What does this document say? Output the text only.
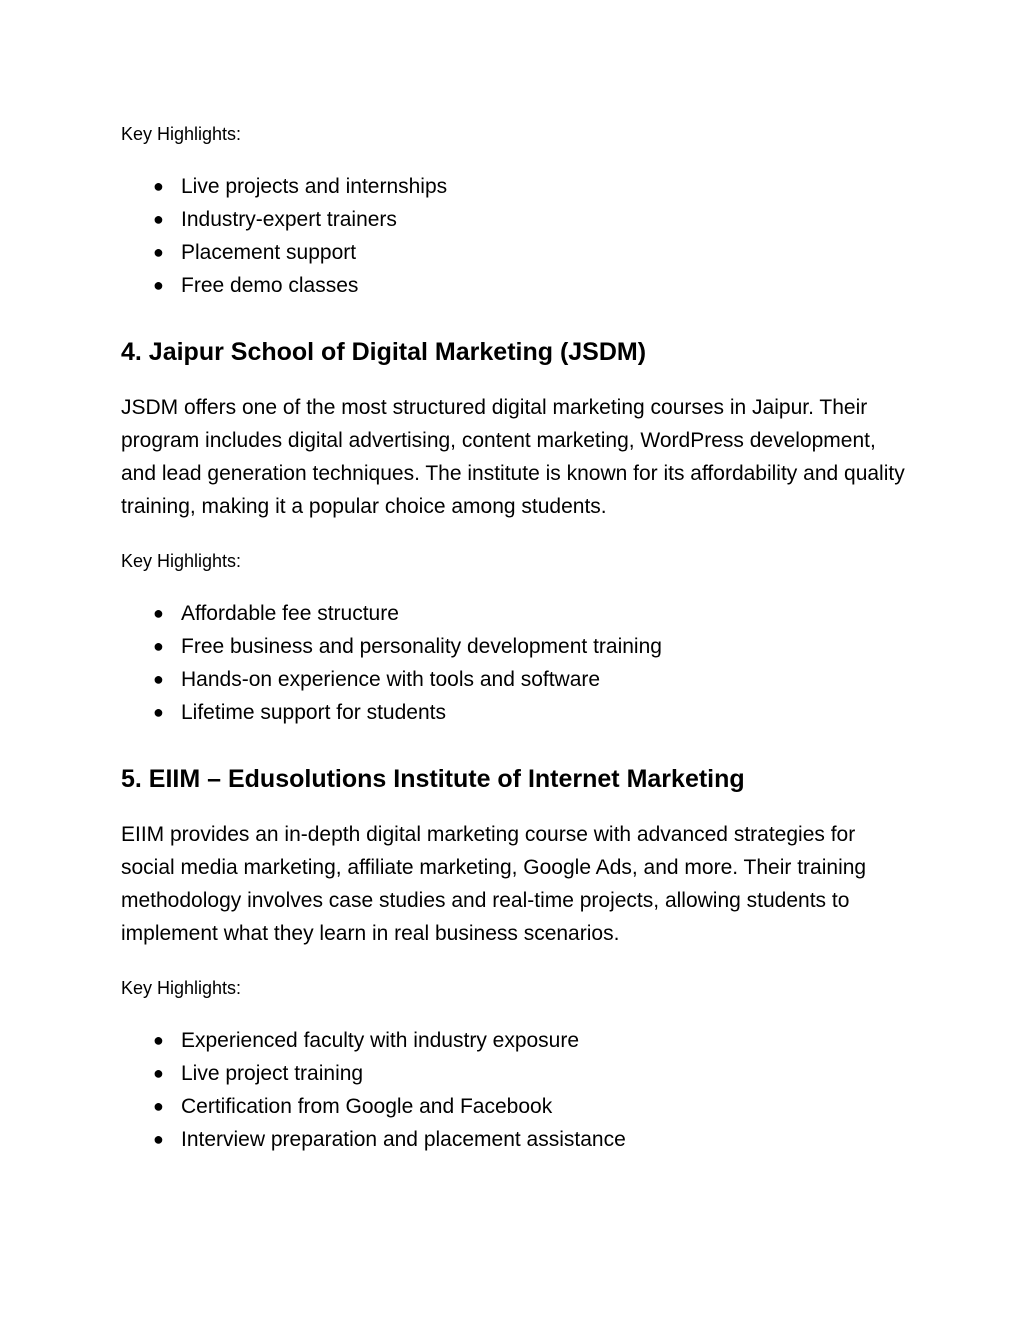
Key Highlights:

● Live projects and internships
● Industry-expert trainers
● Placement support
● Free demo classes
4. Jaipur School of Digital Marketing (JSDM)

JSDM offers one of the most structured digital marketing courses in Jaipur. Their program includes digital advertising, content marketing, WordPress development, and lead generation techniques. The institute is known for its affordability and quality training, making it a popular choice among students.

Key Highlights:

● Affordable fee structure
● Free business and personality development training
● Hands-on experience with tools and software
● Lifetime support for students
5. EIIM – Edusolutions Institute of Internet Marketing

EIIM provides an in-depth digital marketing course with advanced strategies for social media marketing, affiliate marketing, Google Ads, and more. Their training methodology involves case studies and real-time projects, allowing students to implement what they learn in real business scenarios.

Key Highlights:

● Experienced faculty with industry exposure
● Live project training
● Certification from Google and Facebook
● Interview preparation and placement assistance
